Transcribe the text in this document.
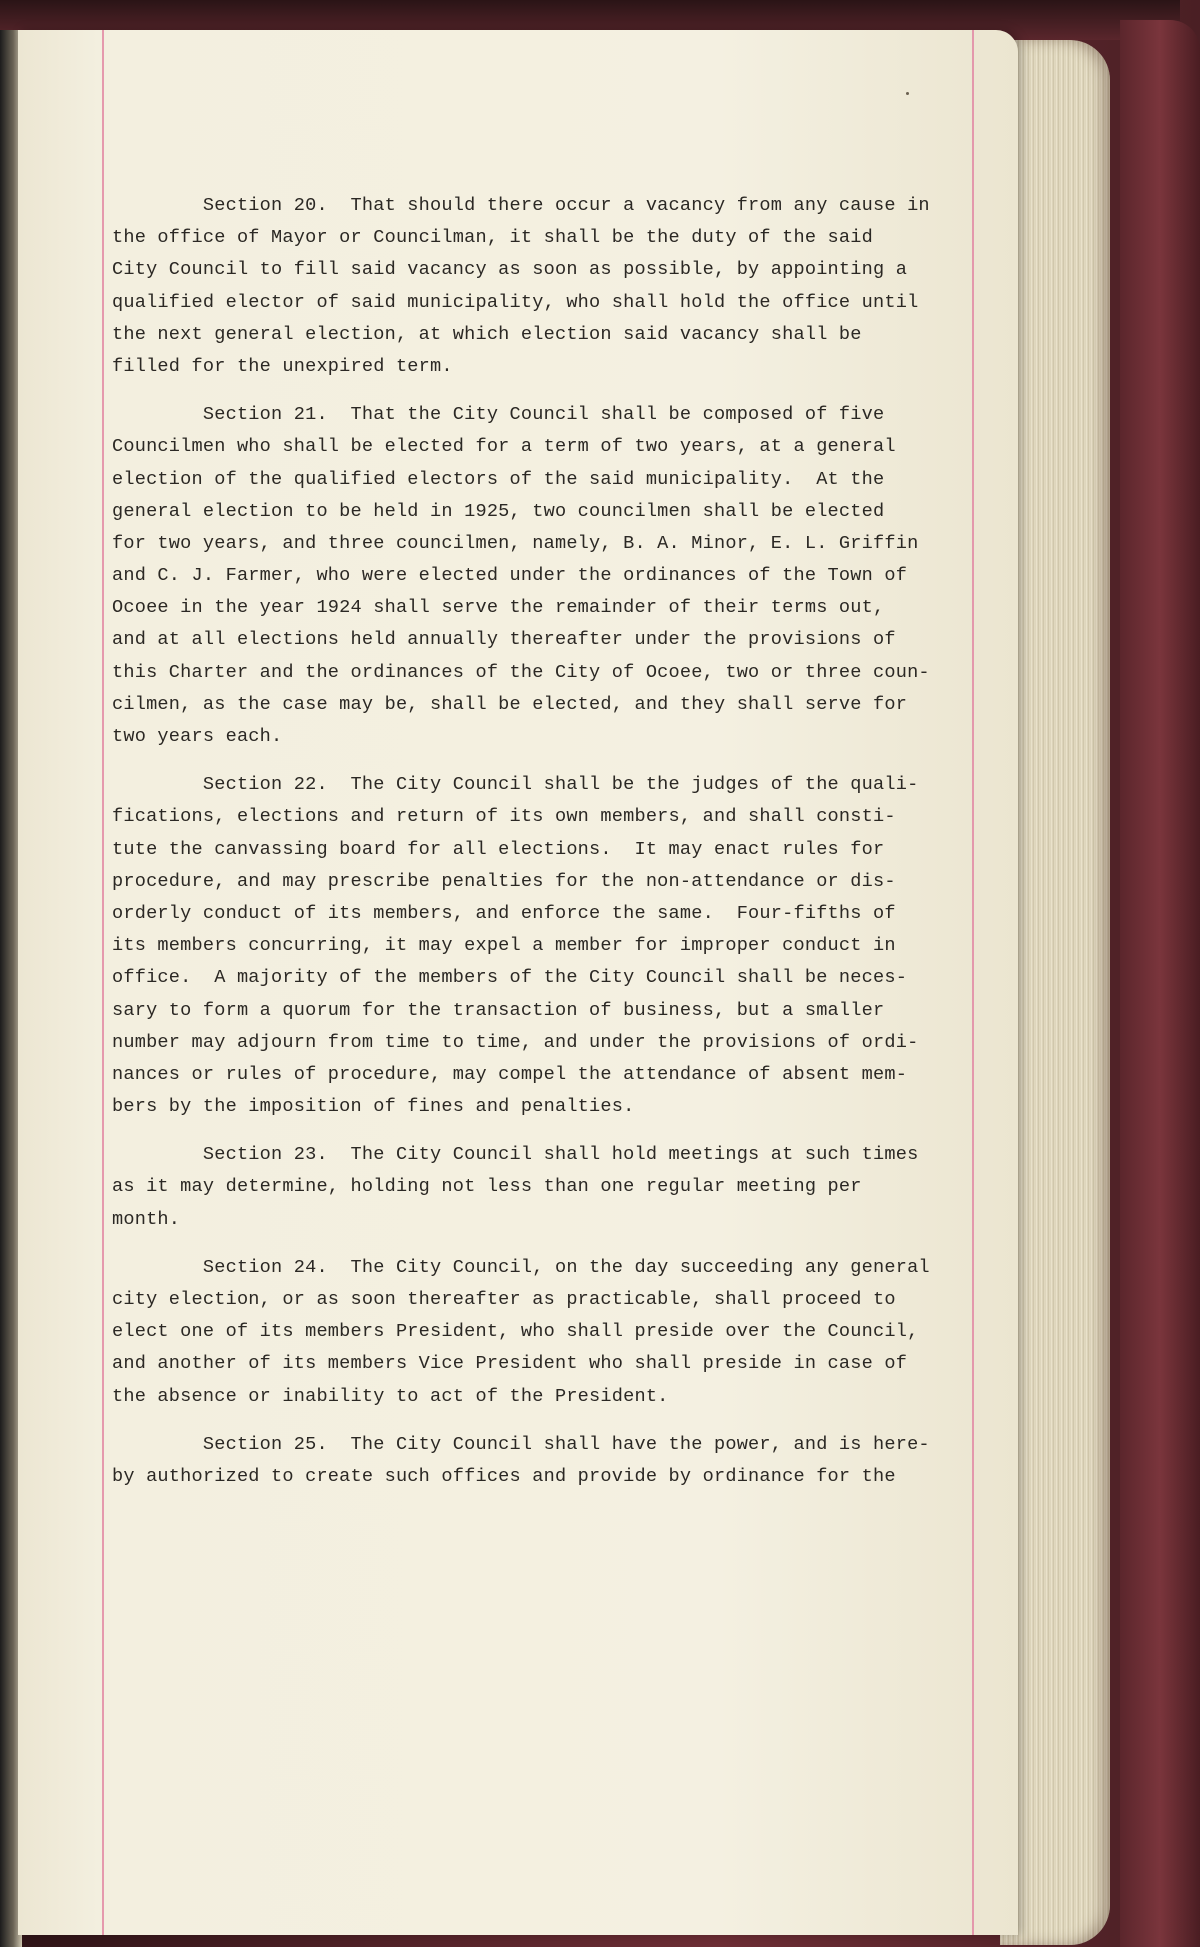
Section 20.  That should there occur a vacancy from any cause in
the office of Mayor or Councilman, it shall be the duty of the said
City Council to fill said vacancy as soon as possible, by appointing a
qualified elector of said municipality, who shall hold the office until
the next general election, at which election said vacancy shall be
filled for the unexpired term.
Section 21.  That the City Council shall be composed of five
Councilmen who shall be elected for a term of two years, at a general
election of the qualified electors of the said municipality.  At the
general election to be held in 1925, two councilmen shall be elected
for two years, and three councilmen, namely, B. A. Minor, E. L. Griffin
and C. J. Farmer, who were elected under the ordinances of the Town of
Ocoee in the year 1924 shall serve the remainder of their terms out,
and at all elections held annually thereafter under the provisions of
this Charter and the ordinances of the City of Ocoee, two or three coun-
cilmen, as the case may be, shall be elected, and they shall serve for
two years each.
Section 22.  The City Council shall be the judges of the quali-
fications, elections and return of its own members, and shall consti-
tute the canvassing board for all elections.  It may enact rules for
procedure, and may prescribe penalties for the non-attendance or dis-
orderly conduct of its members, and enforce the same.  Four-fifths of
its members concurring, it may expel a member for improper conduct in
office.  A majority of the members of the City Council shall be neces-
sary to form a quorum for the transaction of business, but a smaller
number may adjourn from time to time, and under the provisions of ordi-
nances or rules of procedure, may compel the attendance of absent mem-
bers by the imposition of fines and penalties.
Section 23.  The City Council shall hold meetings at such times
as it may determine, holding not less than one regular meeting per
month.
Section 24.  The City Council, on the day succeeding any general
city election, or as soon thereafter as practicable, shall proceed to
elect one of its members President, who shall preside over the Council,
and another of its members Vice President who shall preside in case of
the absence or inability to act of the President.
Section 25.  The City Council shall have the power, and is here-
by authorized to create such offices and provide by ordinance for the
